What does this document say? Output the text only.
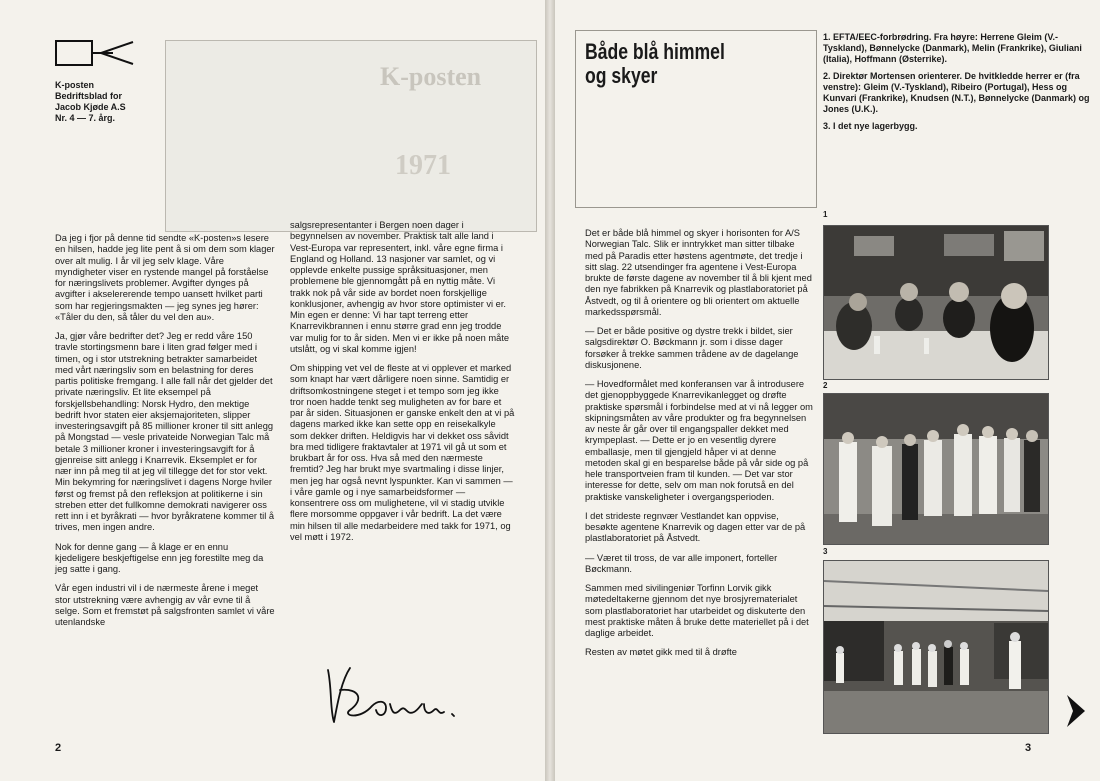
K-posten
Bedriftsblad for
Jacob Kjøde A.S
Nr. 4 — 7. årg.
K-posten
1971

Da jeg i fjor på denne tid sendte «K-posten»s lesere en hilsen, hadde jeg lite pent å si om dem som klager over alt mulig. I år vil jeg selv klage. Våre myndigheter viser en rystende mangel på forståelse for næringslivets problemer. Avgifter dynges på avgifter i akselererende tempo uansett hvilket parti som har regjeringsmakten — jeg synes jeg hører: «Tåler du den, så tåler du vel den au».

Ja, gjør våre bedrifter det? Jeg er redd våre 150 travle stortingsmenn bare i liten grad følger med i timen, og i stor utstrekning betrakter samarbeidet med vårt næringsliv som en belastning for deres partis politiske fremgang. I alle fall når det gjelder det private næringsliv. Et lite eksempel på forskjellsbehandling: Norsk Hydro, den mektige bedrift hvor staten eier aksjemajoriteten, slipper investeringsavgift på 85 millioner kroner til sitt anlegg på Mongstad — vesle privateide Norwegian Talc må betale 3 millioner kroner i investeringsavgift for å gjenreise sitt anlegg i Knarrevik. Eksemplet er for nær inn på meg til at jeg vil tillegge det for stor vekt. Min bekymring for næringslivet i dagens Norge hviler først og fremst på den refleksjon at politikerne i sin streben etter det fullkomne demokrati navigerer oss rett inn i et byråkrati — hvor byråkratene kommer til å trives, men ingen andre.

Nok for denne gang — å klage er en ennu kjedeligere beskjeftigelse enn jeg forestilte meg da jeg satte i gang.

Vår egen industri vil i de nærmeste årene i meget stor utstrekning være avhengig av vår evne til å selge. Som et fremstøt på salgsfronten samlet vi våre utenlandske

salgsrepresentanter i Bergen noen dager i begynnelsen av november. Praktisk talt alle land i Vest-Europa var representert, inkl. våre egne firma i England og Holland. 13 nasjoner var samlet, og vi opplevde enkelte pussige språksituasjoner, men problemene ble gjennomgått på en nyttig måte. Vi trakk nok på vår side av bordet noen forskjellige konklusjoner, avhengig av hvor store optimister vi er. Min egen er denne: Vi har tapt terreng etter Knarrevikbrannen i ennu større grad enn jeg trodde var mulig for to år siden. Men vi er ikke på noen måte utslått, og vi skal komme igjen!

Om shipping vet vel de fleste at vi opplever et marked som knapt har vært dårligere noen sinne. Samtidig er driftsomkostningene steget i et tempo som jeg ikke tror noen hadde tenkt seg muligheten av for bare et par år siden. Situasjonen er ganske enkelt den at vi på dagens marked ikke kan sette opp en reisekalkyle som dekker driften. Heldigvis har vi dekket oss såvidt bra med tidligere fraktavtaler at 1971 vil gå ut som et brukbart år for oss. Hva så med den nærmeste fremtid? Jeg har brukt mye svartmaling i disse linjer, men jeg har også nevnt lyspunkter. Kan vi sammen — i våre gamle og i nye samarbeidsformer — konsentrere oss om mulighetene, vil vi stadig utvikle flere morsomme oppgaver i vår bedrift. La det være min hilsen til alle medarbeidere med takk for 1971, og vel møtt i 1972.

Mou.
2
Både blå himmel
og skyer

1. EFTA/EEC-forbrødring. Fra høyre: Herrene Gleim (V.-Tyskland), Bønnelycke (Danmark), Melin (Frankrike), Giuliani (Italia), Hoffmann (Østerrike).

2. Direktør Mortensen orienterer. De hvitkledde herrer er (fra venstre): Gleim (V.-Tyskland), Ribeiro (Portugal), Hess og Kunvari (Frankrike), Knudsen (N.T.), Bønnelycke (Danmark) og Jones (U.K.).

3. I det nye lagerbygg.

Det er både blå himmel og skyer i horisonten for A/S Norwegian Talc. Slik er inntrykket man sitter tilbake med på Paradis etter høstens agentmøte, det tredje i sitt slag. 22 utsendinger fra agentene i Vest-Europa brukte de første dagene av november til å bli kjent med den nye fabrikken på Knarrevik og plastlaboratoriet på Åstvedt, og til å orientere og bli orientert om aktuelle markedsspørsmål.

— Det er både positive og dystre trekk i bildet, sier salgsdirektør O. Bøckmann jr. som i disse dager forsøker å trekke sammen trådene av de dagelange diskusjonene.

— Hovedformålet med konferansen var å introdusere det gjenoppbyggede Knarrevikanlegget og drøfte praktiske spørsmål i forbindelse med at vi nå legger om skipningsmåten av våre produkter og fra begynnelsen av neste år går over til engangspaller dekket med krympeplast. — Dette er jo en vesentlig dyrere emballasje, men til gjengjeld håper vi at denne metoden skal gi en besparelse både på vår side og på hele transportveien fram til kunden. — Det var stor interesse for dette, selv om man nok forutså en del praktiske vanskeligheter i overgangsperioden.

I det strideste regnvær Vestlandet kan oppvise, besøkte agentene Knarrevik og dagen etter var de på plastlaboratoriet på Åstvedt.

— Været til tross, de var alle imponert, forteller Bøckmann.

Sammen med sivilingeniør Torfinn Lorvik gikk møtedeltakerne gjennom det nye brosjyrematerialet som plastlaboratoriet har utarbeidet og diskuterte den mest praktiske måten å bruke dette materiellet på i det daglige arbeidet.

Resten av møtet gikk med til å drøfte

1
2
3
3
